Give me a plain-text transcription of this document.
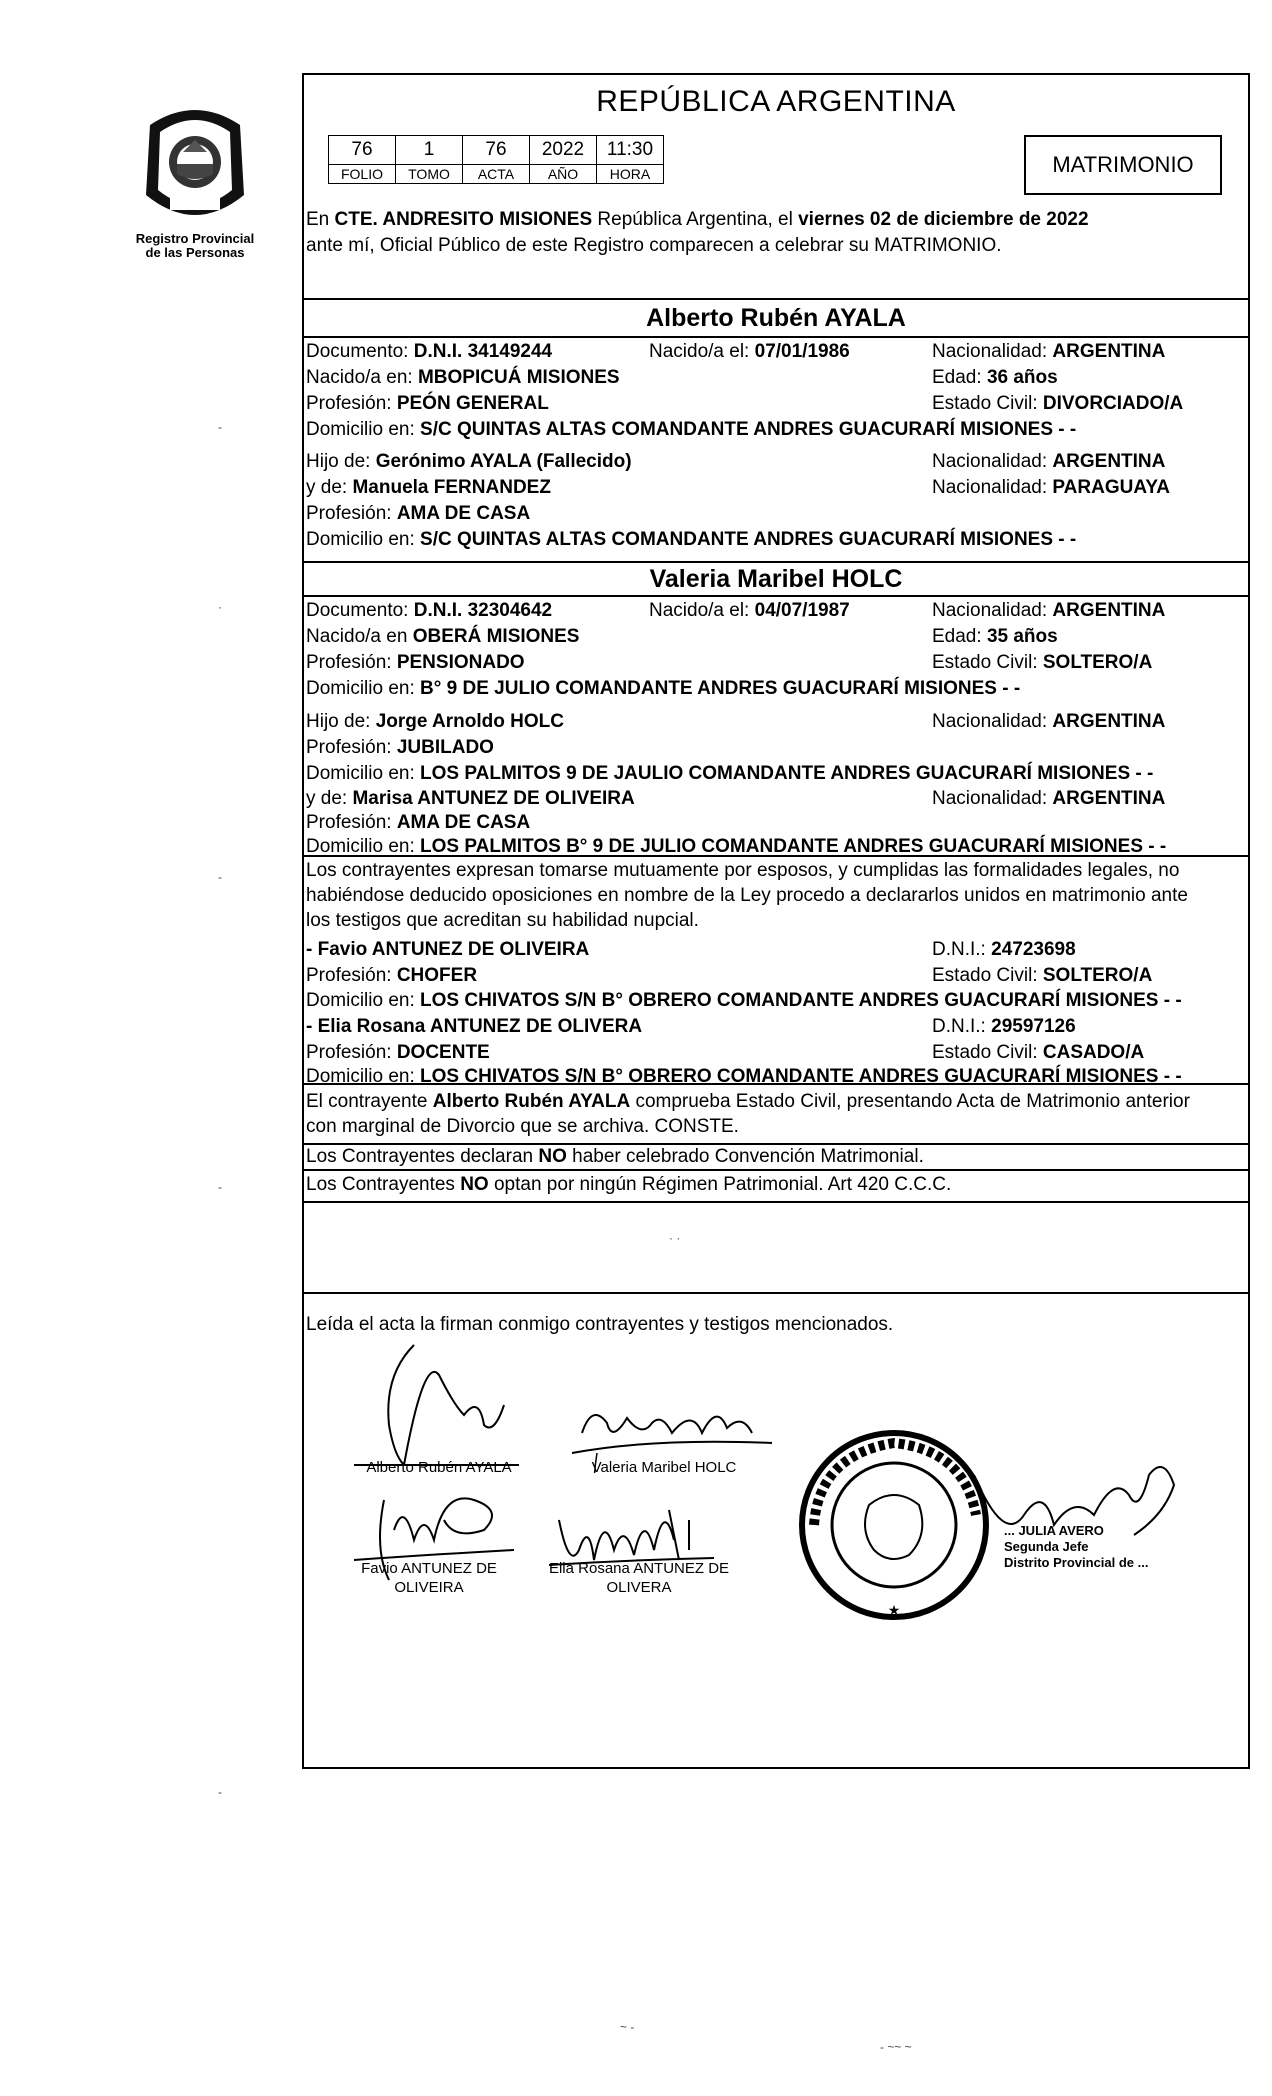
Registro Provincial
de las Personas
REPÚBLICA ARGENTINA
76	1	76	2022	11:30
FOLIO	TOMO	ACTA	AÑO	HORA	MATRIMONIO
En CTE. ANDRESITO MISIONES República Argentina, el viernes 02 de diciembre de 2022
ante mí, Oficial Público de este Registro comparecen a celebrar su MATRIMONIO.
Alberto Rubén AYALA
Documento: D.N.I. 34149244	Nacido/a el: 07/01/1986	Nacionalidad: ARGENTINA
Nacido/a en: MBOPICUÁ MISIONES	Edad: 36 años
Profesión: PEÓN GENERAL	Estado Civil: DIVORCIADO/A
Domicilio en: S/C QUINTAS ALTAS COMANDANTE ANDRES GUACURARÍ MISIONES - -
Hijo de: Gerónimo AYALA (Fallecido)	Nacionalidad: ARGENTINA
y de: Manuela FERNANDEZ	Nacionalidad: PARAGUAYA
Profesión: AMA DE CASA
Domicilio en: S/C QUINTAS ALTAS COMANDANTE ANDRES GUACURARÍ MISIONES - -
Valeria Maribel HOLC
Documento: D.N.I. 32304642	Nacido/a el: 04/07/1987	Nacionalidad: ARGENTINA
Nacido/a en OBERÁ MISIONES	Edad: 35 años
Profesión: PENSIONADO	Estado Civil: SOLTERO/A
Domicilio en: B° 9 DE JULIO COMANDANTE ANDRES GUACURARÍ MISIONES - -
Hijo de: Jorge Arnoldo HOLC	Nacionalidad: ARGENTINA
Profesión: JUBILADO
Domicilio en: LOS PALMITOS 9 DE JAULIO COMANDANTE ANDRES GUACURARÍ MISIONES - -
y de: Marisa ANTUNEZ DE OLIVEIRA	Nacionalidad: ARGENTINA
Profesión: AMA DE CASA
Domicilio en: LOS PALMITOS B° 9 DE JULIO COMANDANTE ANDRES GUACURARÍ MISIONES - -
Los contrayentes expresan tomarse mutuamente por esposos, y cumplidas las formalidades legales, no
habiéndose deducido oposiciones en nombre de la Ley procedo a declararlos unidos en matrimonio ante
los testigos que acreditan su habilidad nupcial.
- Favio ANTUNEZ DE OLIVEIRA	D.N.I.: 24723698
Profesión: CHOFER	Estado Civil: SOLTERO/A
Domicilio en: LOS CHIVATOS S/N B° OBRERO COMANDANTE ANDRES GUACURARÍ MISIONES - -
- Elia Rosana ANTUNEZ DE OLIVERA	D.N.I.: 29597126
Profesión: DOCENTE	Estado Civil: CASADO/A
Domicilio en: LOS CHIVATOS S/N B° OBRERO COMANDANTE ANDRES GUACURARÍ MISIONES - -
El contrayente Alberto Rubén AYALA comprueba Estado Civil, presentando Acta de Matrimonio anterior
con marginal de Divorcio que se archiva. CONSTE.
Los Contrayentes declaran NO haber celebrado Convención Matrimonial.
Los Contrayentes NO optan por ningún Régimen Patrimonial. Art 420 C.C.C.
· ·
Leída el acta la firman conmigo contrayentes y testigos mencionados.
Alberto Rubén AYALA	Valeria Maribel HOLC
Favio ANTUNEZ DE
OLIVEIRA
Elia Rosana ANTUNEZ DE
OLIVERA
★
... JULIA AVERO
Segunda Jefe
Distrito Provincial de ...
-
·
-
-
-
~ -
- ~~ ~
